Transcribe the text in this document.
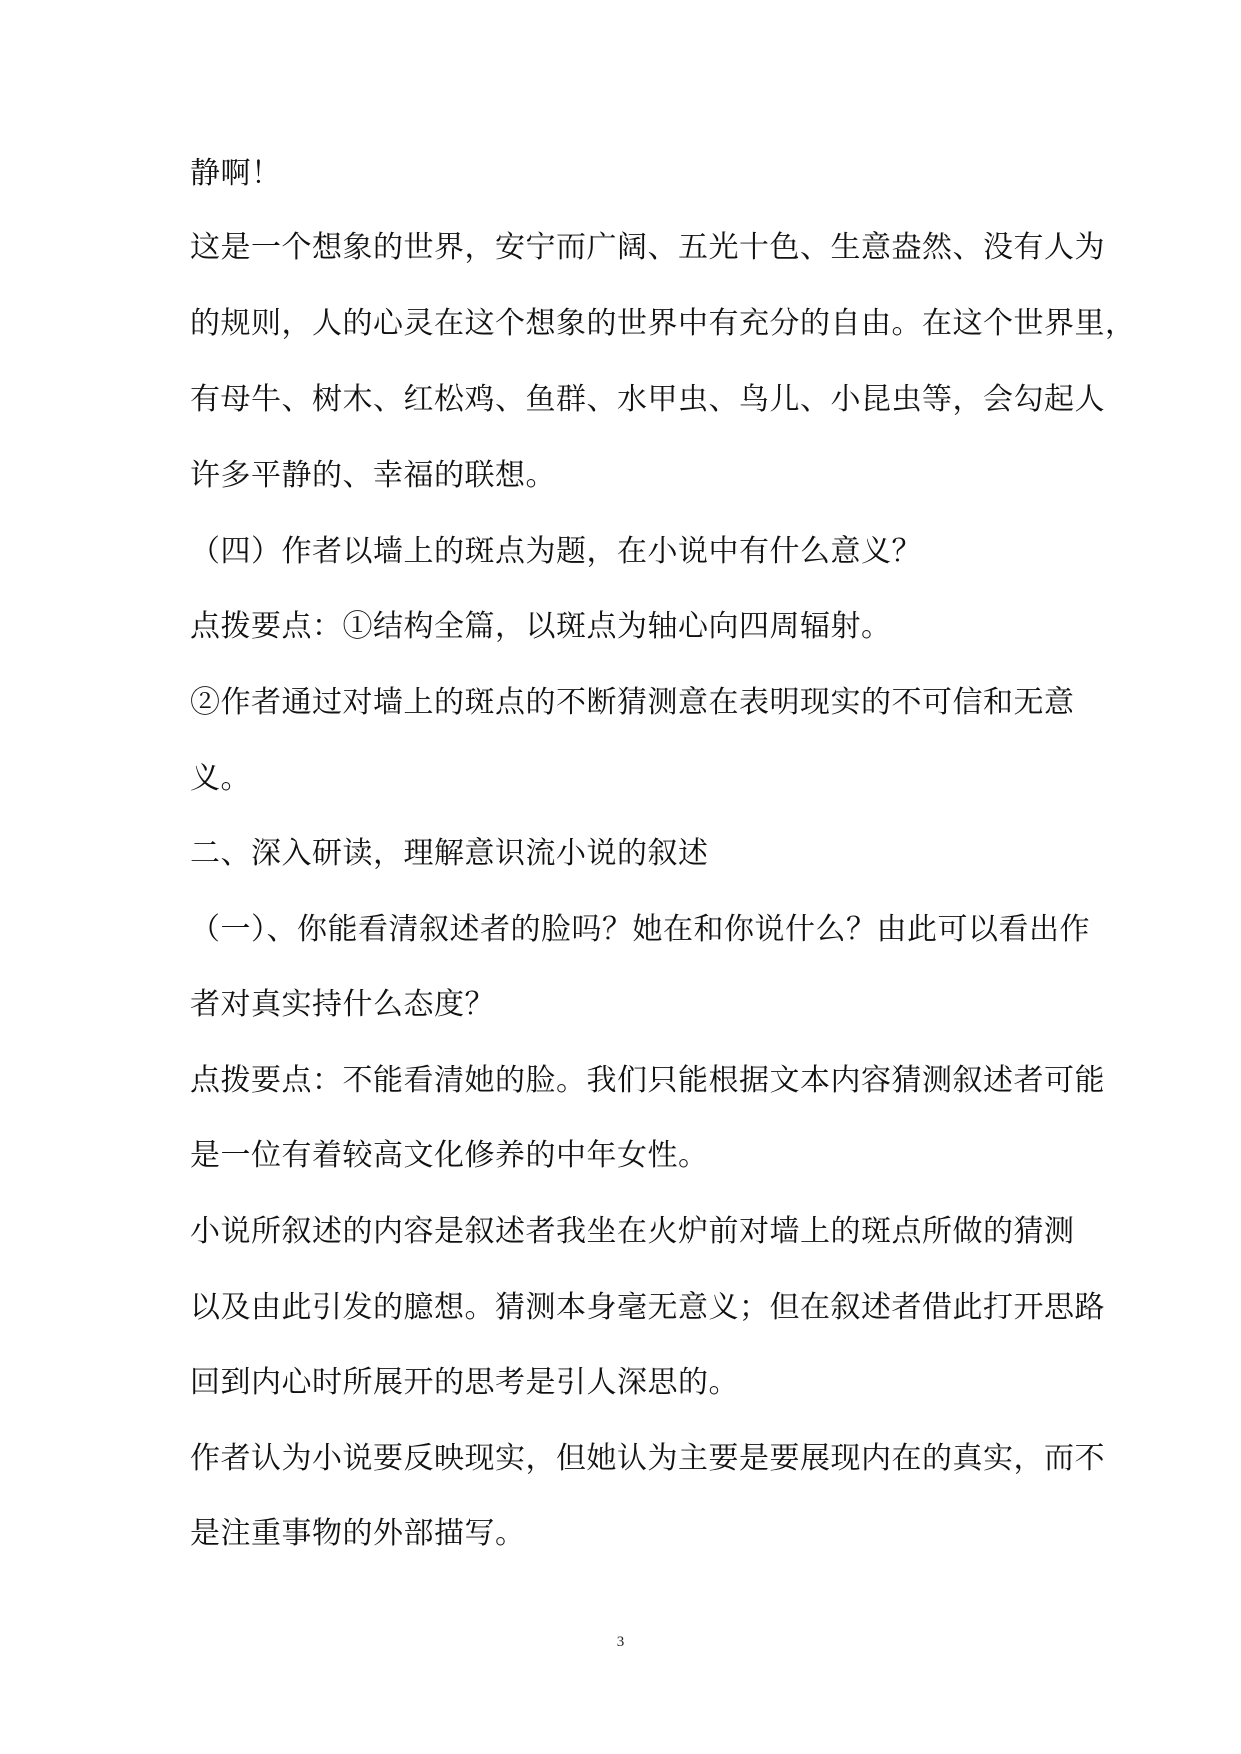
静啊！
这是一个想象的世界，安宁而广阔、五光十色、生意盎然、没有人为
的规则，人的心灵在这个想象的世界中有充分的自由。在这个世界里，
有母牛、树木、红松鸡、鱼群、水甲虫、鸟儿、小昆虫等，会勾起人
许多平静的、幸福的联想。
（四）作者以墙上的斑点为题，在小说中有什么意义？
点拨要点：①结构全篇，以斑点为轴心向四周辐射。
②作者通过对墙上的斑点的不断猜测意在表明现实的不可信和无意
义。
二、深入研读，理解意识流小说的叙述
（一）、你能看清叙述者的脸吗？她在和你说什么？由此可以看出作
者对真实持什么态度？
点拨要点：不能看清她的脸。我们只能根据文本内容猜测叙述者可能
是一位有着较高文化修养的中年女性。
小说所叙述的内容是叙述者我坐在火炉前对墙上的斑点所做的猜测
以及由此引发的臆想。猜测本身毫无意义；但在叙述者借此打开思路
回到内心时所展开的思考是引人深思的。
作者认为小说要反映现实，但她认为主要是要展现内在的真实，而不
是注重事物的外部描写。
3
